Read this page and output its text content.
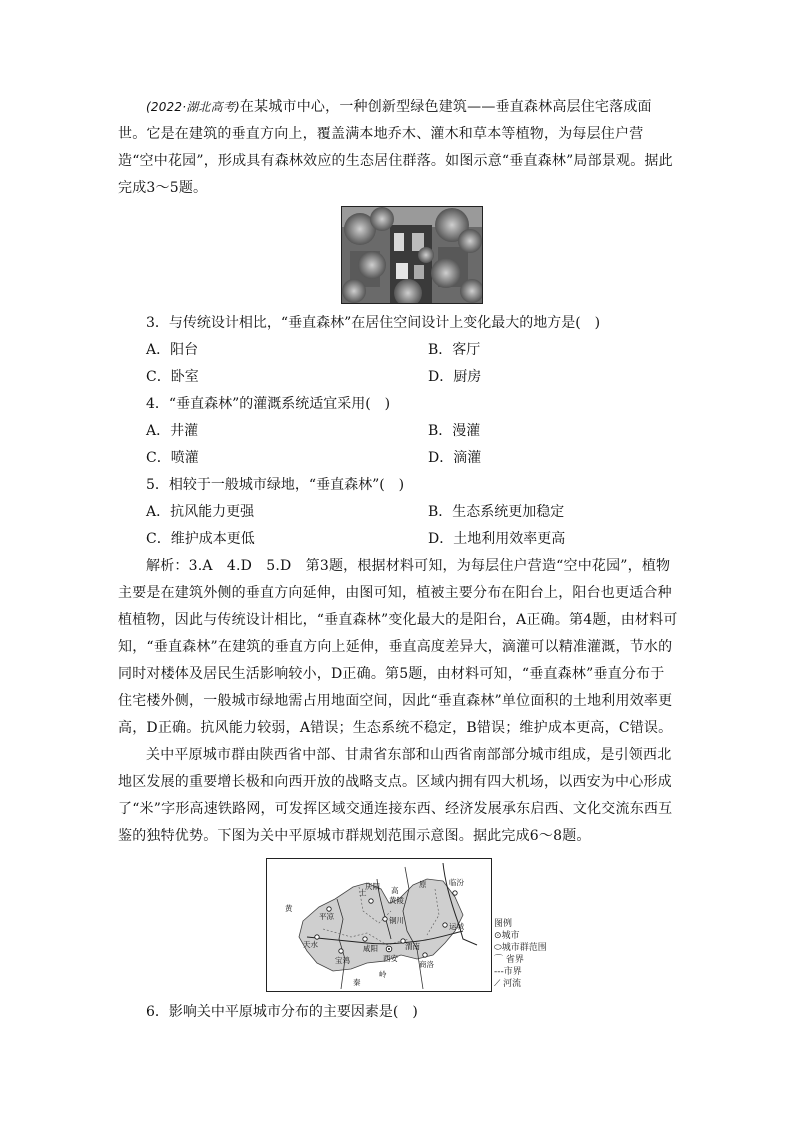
(2022·湖北高考)在某城市中心，一种创新型绿色建筑——垂直森林高层住宅落成面世。它是在建筑的垂直方向上，覆盖满本地乔木、灌木和草本等植物，为每层住户营造“空中花园”，形成具有森林效应的生态居住群落。如图示意“垂直森林”局部景观。据此完成3～5题。

3．与传统设计相比，“垂直森林”在居住空间设计上变化最大的地方是(　)
A．阳台	B．客厅
C．卧室	D．厨房
4．“垂直森林”的灌溉系统适宜采用(　)
A．井灌	B．漫灌
C．喷灌	D．滴灌
5．相较于一般城市绿地，“垂直森林”(　)
A．抗风能力更强	B．生态系统更加稳定
C．维护成本更低	D．土地利用效率更高

解析：3.A　4.D　5.D　第3题，根据材料可知，为每层住户营造“空中花园”，植物主要是在建筑外侧的垂直方向延伸，由图可知，植被主要分布在阳台上，阳台也更适合种植植物，因此与传统设计相比，“垂直森林”变化最大的是阳台，A正确。第4题，由材料可知，“垂直森林”在建筑的垂直方向上延伸，垂直高度差异大，滴灌可以精准灌溉，节水的同时对楼体及居民生活影响较小，D正确。第5题，由材料可知，“垂直森林”垂直分布于住宅楼外侧，一般城市绿地需占用地面空间，因此“垂直森林”单位面积的土地利用效率更高，D正确。抗风能力较弱，A错误；生态系统不稳定，B错误；维护成本更高，C错误。

关中平原城市群由陕西省中部、甘肃省东部和山西省南部部分城市组成，是引领西北地区发展的重要增长极和向西开放的战略支点。区域内拥有四大机场，以西安为中心形成了“米”字形高速铁路网，可发挥区域交通连接东西、经济发展承东启西、文化交流东西互鉴的独特优势。下图为关中平原城市群规划范围示意图。据此完成6～8题。

黄
土
庆阳 高
原
黄陵
临汾
平凉	铜川
运城
天水	咸阳	渭南
宝鸡	西安
商洛
岭
秦
图例
⊙城市
⬭城市群范围
⌒ 省界
---市界
⟋ 河流
6．影响关中平原城市分布的主要因素是(　)
